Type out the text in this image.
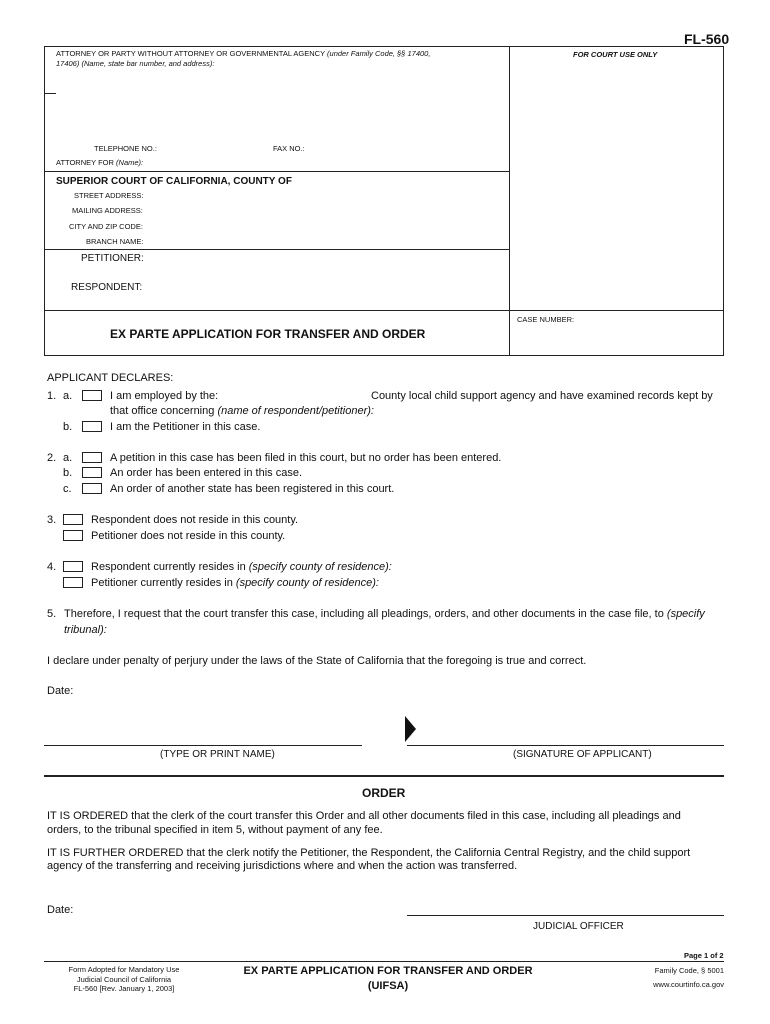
FL-560
ATTORNEY OR PARTY WITHOUT ATTORNEY OR GOVERNMENTAL AGENCY (under Family Code, §§ 17400,
17406) (Name, state bar number, and address):
FOR COURT USE ONLY
TELEPHONE NO.:	FAX NO.:
ATTORNEY FOR (Name):
SUPERIOR COURT OF CALIFORNIA, COUNTY OF
STREET ADDRESS:
MAILING ADDRESS:
CITY AND ZIP CODE:
BRANCH NAME:
PETITIONER:
RESPONDENT:
CASE NUMBER:
EX PARTE APPLICATION FOR TRANSFER AND ORDER
APPLICANT DECLARES:
1. a.	I am employed by the:	County local child support agency and have examined records kept by
that office concerning (name of respondent/petitioner):
b.	I am the Petitioner in this case.
2. a.	A petition in this case has been filed in this court, but no order has been entered.
b.	An order has been entered in this case.
c.	An order of another state has been registered in this court.
3.	Respondent does not reside in this county.
Petitioner does not reside in this county.
4.	Respondent currently resides in (specify county of residence):
Petitioner currently resides in (specify county of residence):
5. Therefore, I request that the court transfer this case, including all pleadings, orders, and other documents in the case file, to (specify
tribunal):
I declare under penalty of perjury under the laws of the State of California that the foregoing is true and correct.
Date:
(TYPE OR PRINT NAME)	(SIGNATURE OF APPLICANT)
ORDER
IT IS ORDERED that the clerk of the court transfer this Order and all other documents filed in this case, including all pleadings and
orders, to the tribunal specified in item 5, without payment of any fee.
IT IS FURTHER ORDERED that the clerk notify the Petitioner, the Respondent, the California Central Registry, and the child support
agency of the transferring and receiving jurisdictions where and when the action was transferred.
Date:
JUDICIAL OFFICER
Page 1 of 2
Form Adopted for Mandatory Use
Judicial Council of California
FL-560 [Rev. January 1, 2003]
EX PARTE APPLICATION FOR TRANSFER AND ORDER
(UIFSA)
Family Code, § 5001
www.courtinfo.ca.gov
